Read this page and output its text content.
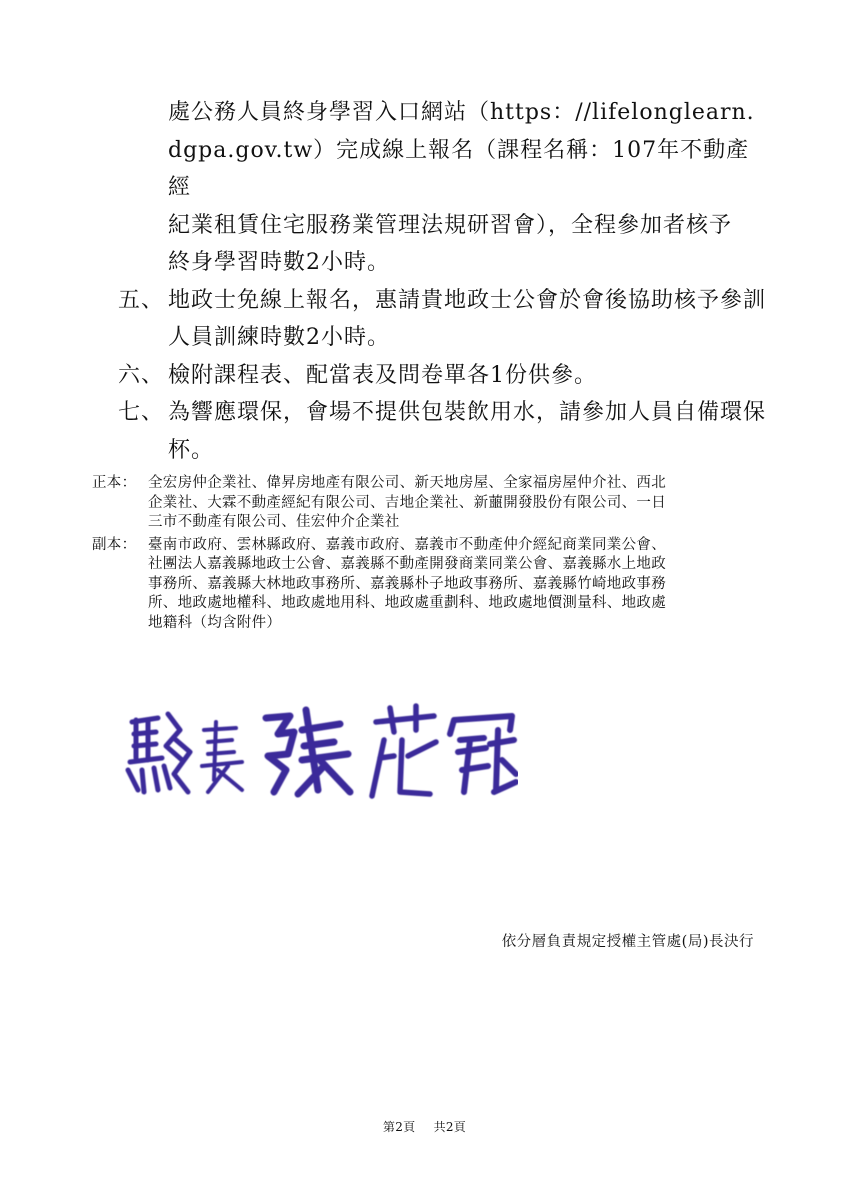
處公務人員終身學習入口網站（https：//lifelonglearn.
dgpa.gov.tw）完成線上報名（課程名稱：107年不動產經
紀業租賃住宅服務業管理法規研習會），全程參加者核予
終身學習時數2小時。

五、 地政士免線上報名，惠請貴地政士公會於會後協助核予參訓
人員訓練時數2小時。
六、 檢附課程表、配當表及問卷單各1份供參。
七、 為響應環保，會場不提供包裝飲用水，請參加人員自備環保
杯。
正本： 全宏房仲企業社、偉昇房地產有限公司、新天地房屋、全家福房屋仲介社、西北
企業社、大霖不動產經紀有限公司、吉地企業社、新蘁開發股份有限公司、一日
三市不動產有限公司、佳宏仲介企業社
副本： 臺南市政府、雲林縣政府、嘉義市政府、嘉義市不動產仲介經紀商業同業公會、
社團法人嘉義縣地政士公會、嘉義縣不動產開發商業同業公會、嘉義縣水上地政
事務所、嘉義縣大林地政事務所、嘉義縣朴子地政事務所、嘉義縣竹崎地政事務
所、地政處地權科、地政處地用科、地政處重劃科、地政處地價測量科、地政處
地籍科（均含附件）
依分層負責規定授權主管處(局)長決行
第2頁 共2頁
